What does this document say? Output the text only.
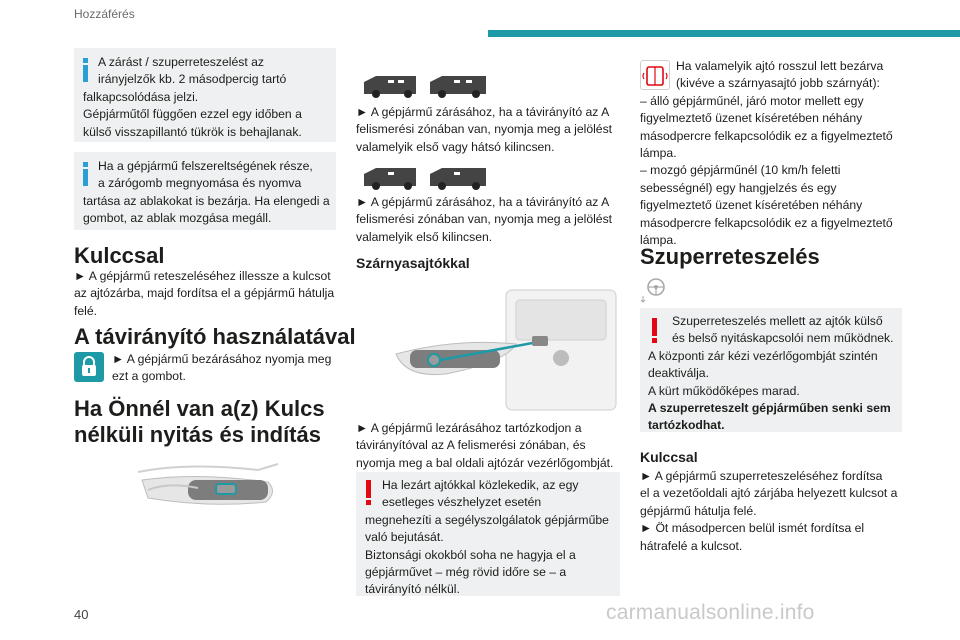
Hozzáférés

A zárást / szuperreteszelést az

irányjelzők kb. 2 másodpercig tartó

falkapcsolódása jelzi.

Gépjárműtől függően ezzel egy időben a

külső visszapillantó tükrök is behajlanak.

Ha a gépjármű felszereltségének része,

a zárógomb megnyomása és nyomva

tartása az ablakokat is bezárja. Ha elengedi a

gombot, az ablak mozgása megáll.

Kulccsal

► A gépjármű reteszeléséhez illessze a kulcsot

az ajtózárba, majd fordítsa el a gépjármű hátulja

felé.

A távirányító használatával

► A gépjármű bezárásához nyomja meg

ezt a gombot.

Ha Önnél van a(z) Kulcs
nélküli nyitás és indítás

► A gépjármű zárásához, ha a távirányító az A

felismerési zónában van, nyomja meg a jelölést

valamelyik első vagy hátsó kilincsen.

► A gépjármű zárásához, ha a távirányító az A

felismerési zónában van, nyomja meg a jelölést

valamelyik első kilincsen.

Szárnyasajtókkal

► A gépjármű lezárásához tartózkodjon a

távirányítóval az A felismerési zónában, és

nyomja meg a bal oldali ajtózár vezérlőgombját.

Ha lezárt ajtókkal közlekedik, az egy

esetleges vészhelyzet esetén

megnehezíti a segélyszolgálatok gépjárműbe

való bejutását.

Biztonsági okokból soha ne hagyja el a

gépjárművet – még rövid időre se – a

távirányító nélkül.

Ha valamelyik ajtó rosszul lett bezárva

(kivéve a szárnyasajtó jobb szárnyát):

– álló gépjárműnél, járó motor mellett egy

figyelmeztető üzenet kíséretében néhány

másodpercre felkapcsolódik ez a figyelmeztető

lámpa.

– mozgó gépjárműnél (10 km/h feletti

sebességnél) egy hangjelzés és egy

figyelmeztető üzenet kíséretében néhány

másodpercre felkapcsolódik ez a figyelmeztető

lámpa.

Szuperreteszelés

Szuperreteszelés mellett az ajtók külső

és belső nyitáskapcsolói nem működnek.

A központi zár kézi vezérlőgombját szintén

deaktiválja.

A kürt működőképes marad.

A szuperreteszelt gépjárműben senki sem

tartózkodhat.

Kulccsal

► A gépjármű szuperreteszeléséhez fordítsa

el a vezetőoldali ajtó zárjába helyezett kulcsot a

gépjármű hátulja felé.

► Öt másodpercen belül ismét fordítsa el

hátrafelé a kulcsot.

40	carmanualsonline.info
